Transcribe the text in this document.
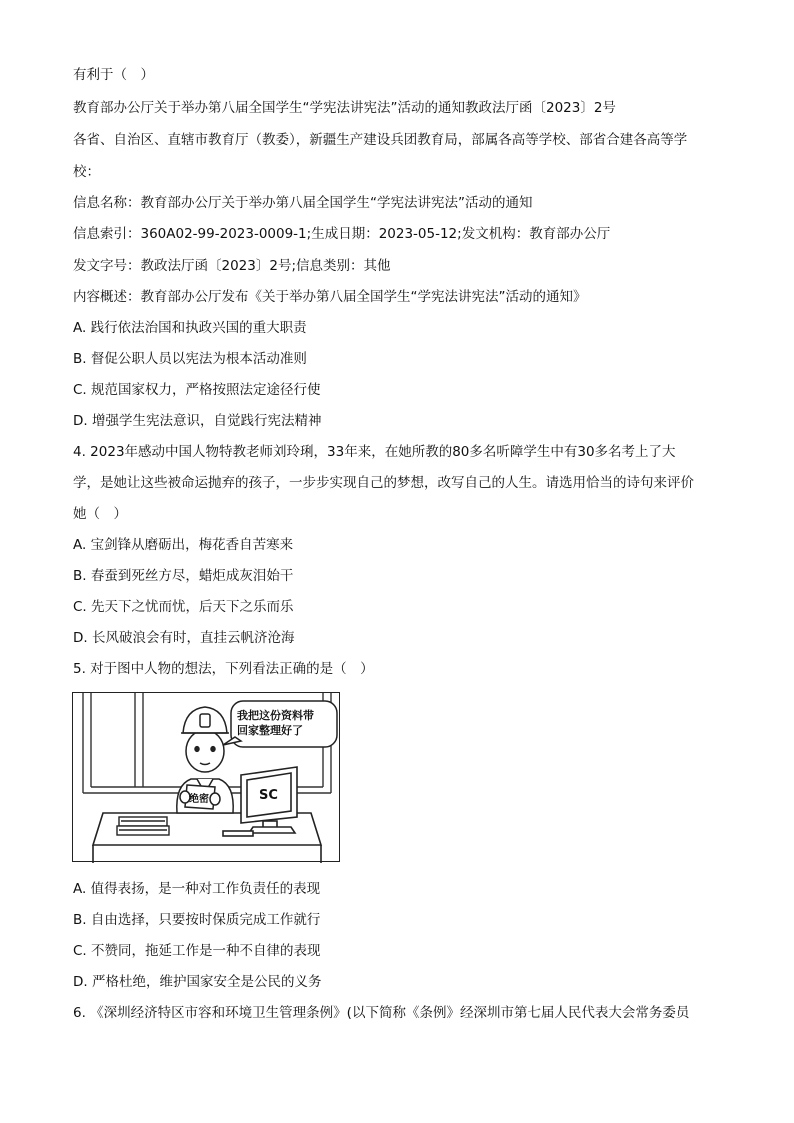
有利于（　）
教育部办公厅关于举办第八届全国学生“学宪法讲宪法”活动的通知教政法厅函〔2023〕2号
各省、自治区、直辖市教育厅（教委），新疆生产建设兵团教育局，部属各高等学校、部省合建各高等学
校：
信息名称：教育部办公厅关于举办第八届全国学生“学宪法讲宪法”活动的通知
信息索引：360A02-99-2023-0009-1;生成日期：2023-05-12;发文机构：教育部办公厅
发文字号：教政法厅函〔2023〕2号;信息类别：其他
内容概述：教育部办公厅发布《关于举办第八届全国学生“学宪法讲宪法”活动的通知》
A. 践行依法治国和执政兴国的重大职责
B. 督促公职人员以宪法为根本活动准则
C. 规范国家权力，严格按照法定途径行使
D. 增强学生宪法意识，自觉践行宪法精神
4. 2023年感动中国人物特教老师刘玲琍，33年来，在她所教的80多名听障学生中有30多名考上了大
学，是她让这些被命运抛弃的孩子，一步步实现自己的梦想，改写自己的人生。请选用恰当的诗句来评价
她（　）
A. 宝剑锋从磨砺出，梅花香自苦寒来
B. 春蚕到死丝方尽，蜡炬成灰泪始干
C. 先天下之忧而忧，后天下之乐而乐
D. 长风破浪会有时，直挂云帆济沧海
5. 对于图中人物的想法，下列看法正确的是（　）
我把这份资料带
回家整理好了
绝密	SC
A. 值得表扬，是一种对工作负责任的表现
B. 自由选择，只要按时保质完成工作就行
C. 不赞同，拖延工作是一种不自律的表现
D. 严格杜绝，维护国家安全是公民的义务
6. 《深圳经济特区市容和环境卫生管理条例》(以下简称《条例》经深圳市第七届人民代表大会常务委员
